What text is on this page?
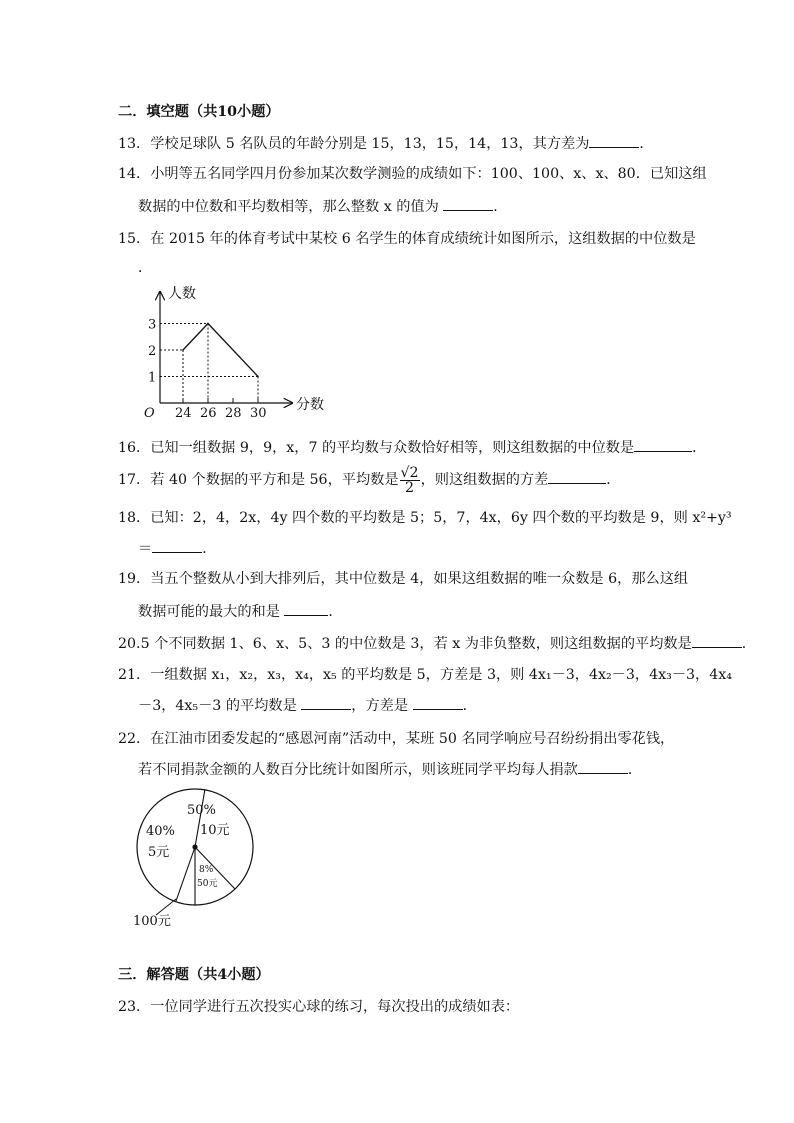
二．填空题（共10小题）
13．学校足球队 5 名队员的年龄分别是 15，13，15，14，13，其方差为	．
14．小明等五名同学四月份参加某次数学测验的成绩如下：100、100、x、x、80．已知这组
数据的中位数和平均数相等，那么整数 x 的值为	．
15．在 2015 年的体育考试中某校 6 名学生的体育成绩统计如图所示，这组数据的中位数是
．
分数
人数
O
1
2
3
24 26 28 30
16．已知一组数据 9，9，x，7 的平均数与众数恰好相等，则这组数据的中位数是	．
17．若 40 个数据的平方和是 56，平均数是 $\frac{√2}{2}$ ，则这组数据的方差	．
18．已知：2，4，2x，4y 四个数的平均数是 5；5，7，4x，6y 四个数的平均数是 9，则 x²+y³
＝	．
19．当五个整数从小到大排列后，其中位数是 4，如果这组数据的唯一众数是 6，那么这组
数据可能的最大的和是	．
20.5 个不同数据 1、6、x、5、3 的中位数是 3，若 x 为非负整数，则这组数据的平均数是	．
21．一组数据 x₁，x₂，x₃，x₄，x₅ 的平均数是 5，方差是 3，则 4x₁－3，4x₂－3，4x₃－3，4x₄
－3，4x₅－3 的平均数是	，方差是	．
22．在江油市团委发起的“感恩河南”活动中，某班 50 名同学响应号召纷纷捐出零花钱，
若不同捐款金额的人数百分比统计如图所示，则该班同学平均每人捐款	．
50%
10元
40%
5元
8%
50元
100元
三．解答题（共4小题）
23．一位同学进行五次投实心球的练习，每次投出的成绩如表：
